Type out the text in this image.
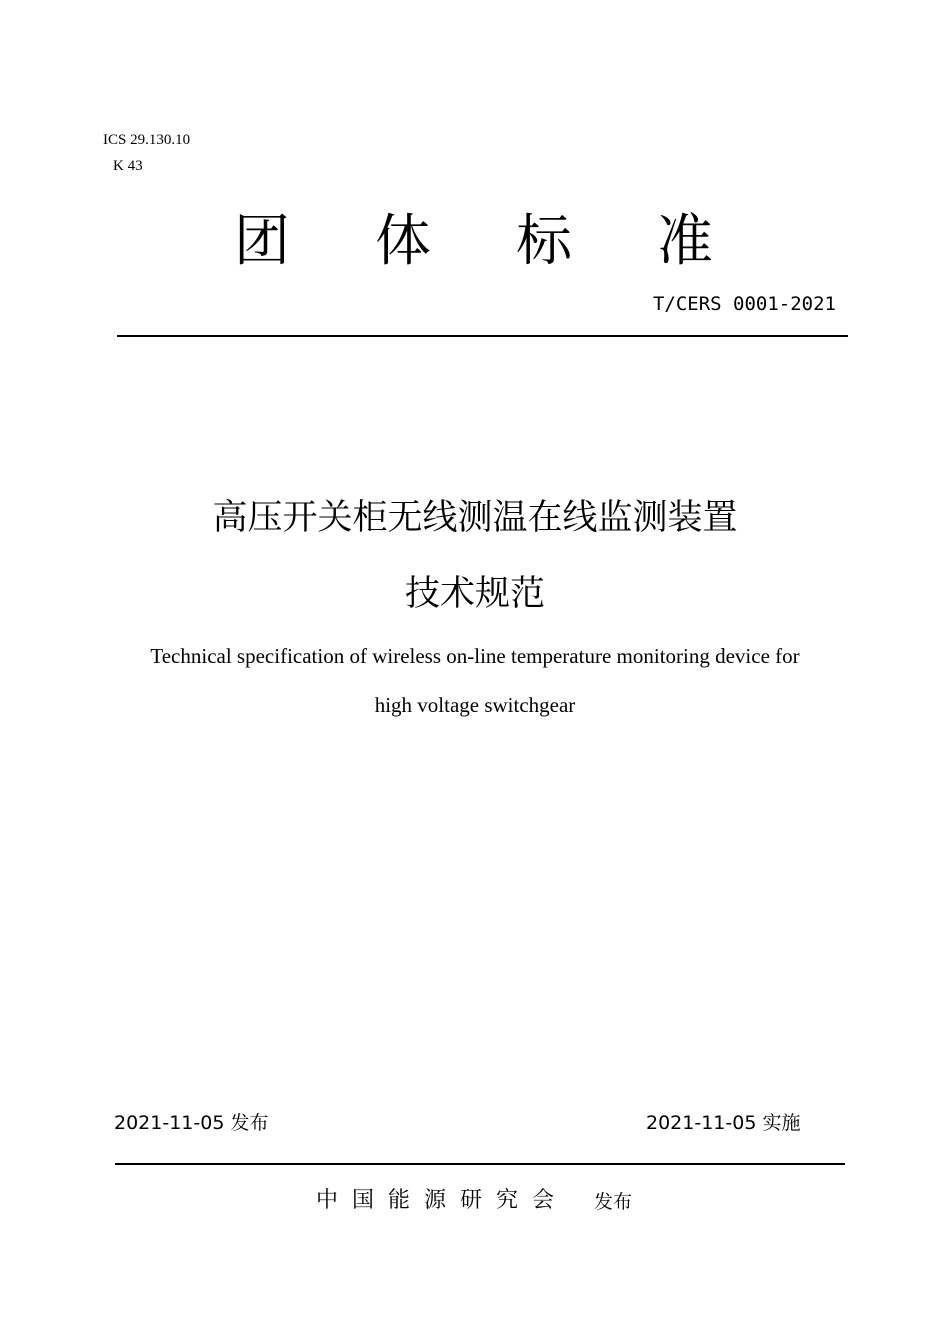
ICS 29.130.10
K 43
团体标准
T/CERS 0001-2021
高压开关柜无线测温在线监测装置
技术规范
Technical specification of wireless on-line temperature monitoring device for
high voltage switchgear
2021-11-05 发布	2021-11-05 实施
中国能源研究会 发布
